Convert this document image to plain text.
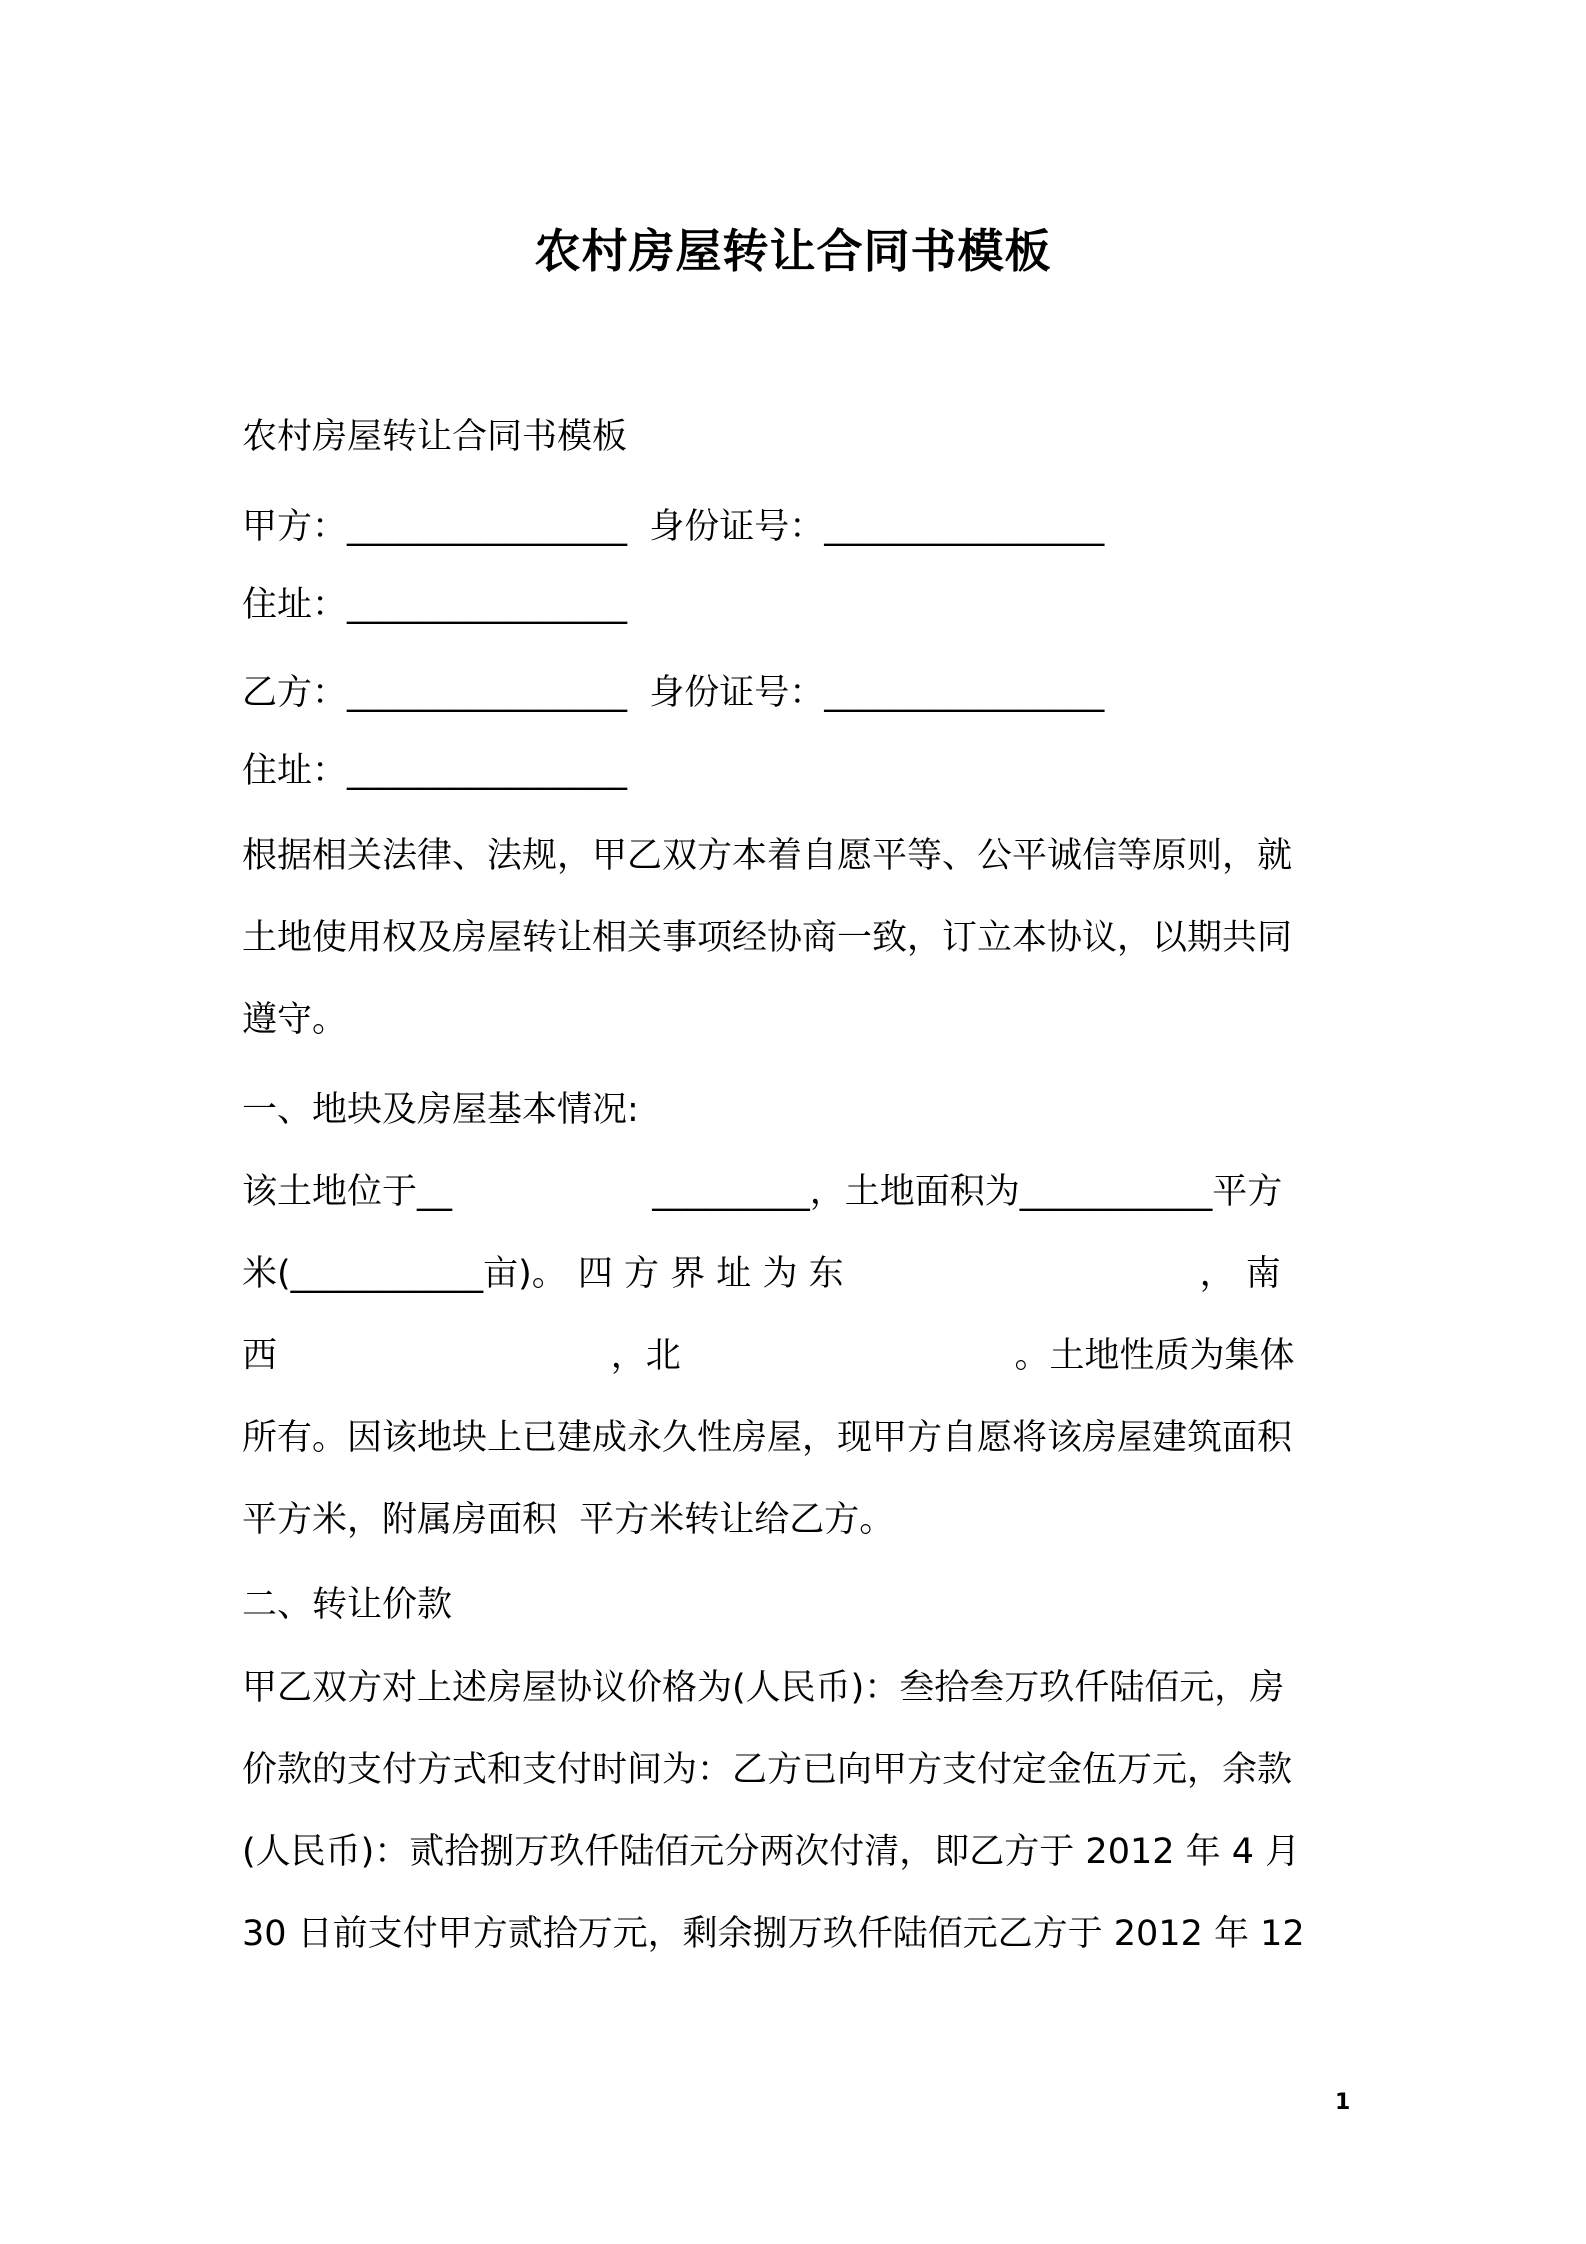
农村房屋转让合同书模板
农村房屋转让合同书模板
甲方：________________  身份证号：________________
住址：________________
乙方：________________  身份证号：________________
住址：________________
根据相关法律、法规，甲乙双方本着自愿平等、公平诚信等原则，就
土地使用权及房屋转让相关事项经协商一致，订立本协议，以期共同
遵守。
一、地块及房屋基本情况:
该土地位于__                  _________，土地面积为___________平方
米(___________亩)。 四 方 界 址 为 东                                ， 南
西                              ，北                              。土地性质为集体
所有。因该地块上已建成永久性房屋，现甲方自愿将该房屋建筑面积
平方米，附属房面积  平方米转让给乙方。
二、转让价款
甲乙双方对上述房屋协议价格为(人民币)：叁拾叁万玖仟陆佰元，房
价款的支付方式和支付时间为：乙方已向甲方支付定金伍万元，余款
(人民币)：贰拾捌万玖仟陆佰元分两次付清，即乙方于 2012 年 4 月
30 日前支付甲方贰拾万元，剩余捌万玖仟陆佰元乙方于 2012 年 12
1
